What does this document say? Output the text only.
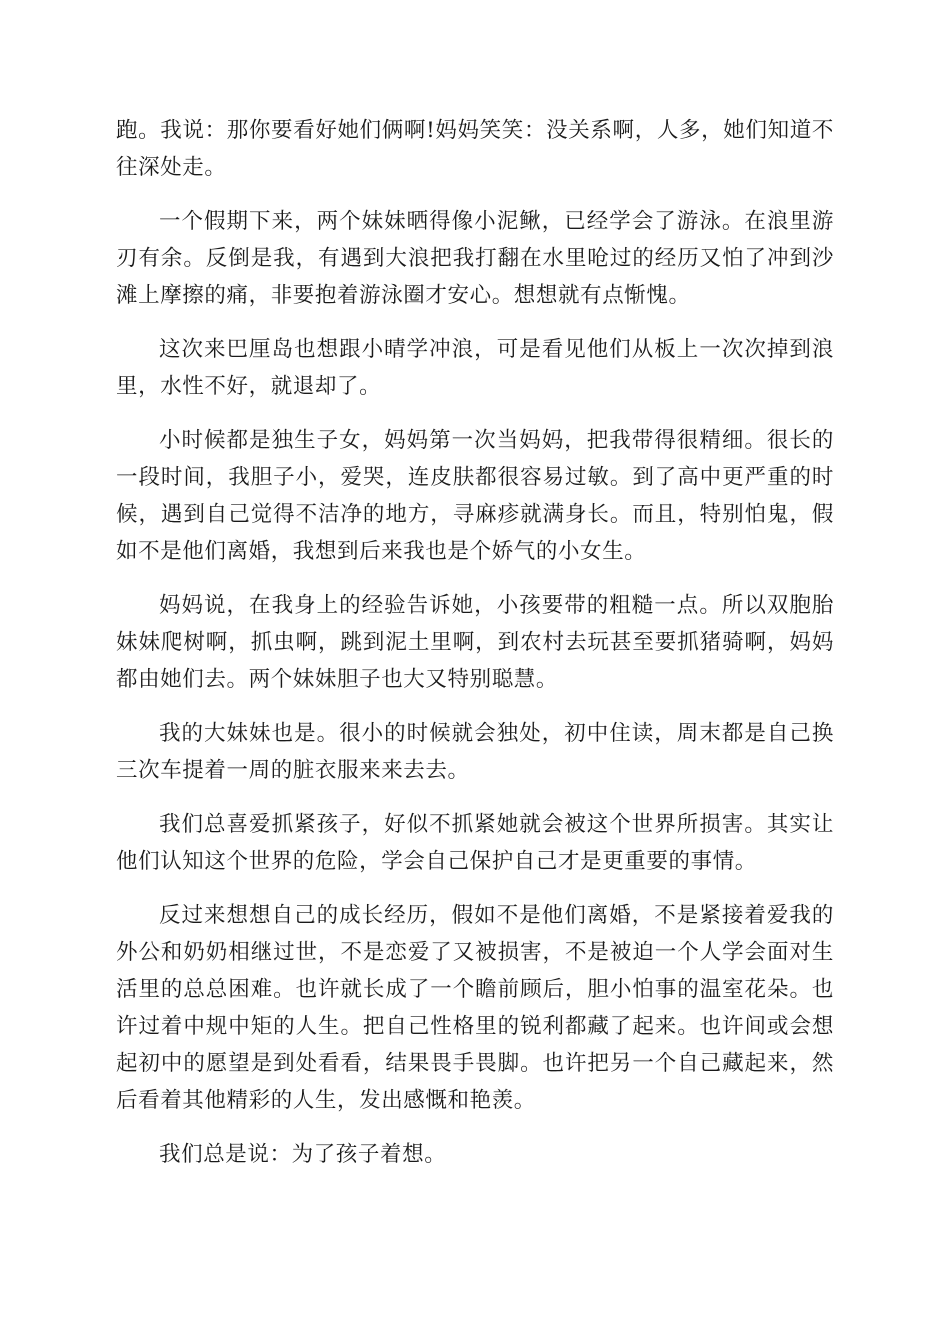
跑。我说：那你要看好她们俩啊!妈妈笑笑：没关系啊，人多，她们知道不往深处走。

一个假期下来，两个妹妹晒得像小泥鳅，已经学会了游泳。在浪里游刃有余。反倒是我，有遇到大浪把我打翻在水里呛过的经历又怕了冲到沙滩上摩擦的痛，非要抱着游泳圈才安心。想想就有点惭愧。

这次来巴厘岛也想跟小晴学冲浪，可是看见他们从板上一次次掉到浪里，水性不好，就退却了。

小时候都是独生子女，妈妈第一次当妈妈，把我带得很精细。很长的一段时间，我胆子小，爱哭，连皮肤都很容易过敏。到了高中更严重的时候，遇到自己觉得不洁净的地方，寻麻疹就满身长。而且，特别怕鬼，假如不是他们离婚，我想到后来我也是个娇气的小女生。

妈妈说，在我身上的经验告诉她，小孩要带的粗糙一点。所以双胞胎妹妹爬树啊，抓虫啊，跳到泥土里啊，到农村去玩甚至要抓猪骑啊，妈妈都由她们去。两个妹妹胆子也大又特别聪慧。

我的大妹妹也是。很小的时候就会独处，初中住读，周末都是自己换三次车提着一周的脏衣服来来去去。

我们总喜爱抓紧孩子，好似不抓紧她就会被这个世界所损害。其实让他们认知这个世界的危险，学会自己保护自己才是更重要的事情。

反过来想想自己的成长经历，假如不是他们离婚，不是紧接着爱我的外公和奶奶相继过世，不是恋爱了又被损害，不是被迫一个人学会面对生活里的总总困难。也许就长成了一个瞻前顾后，胆小怕事的温室花朵。也许过着中规中矩的人生。把自己性格里的锐利都藏了起来。也许间或会想起初中的愿望是到处看看，结果畏手畏脚。也许把另一个自己藏起来，然后看着其他精彩的人生，发出感慨和艳羡。

我们总是说：为了孩子着想。
